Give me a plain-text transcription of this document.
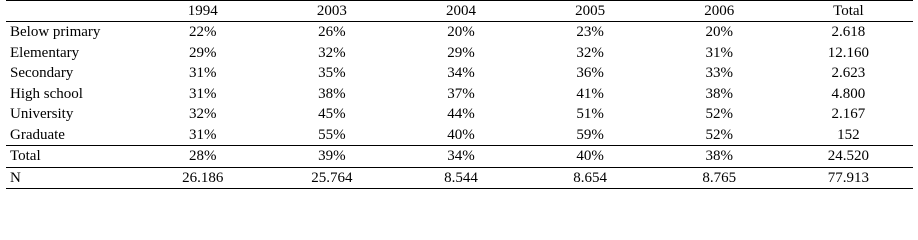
	1994	2003	2004	2005	2006	Total
Below primary	22%	26%	20%	23%	20%	2.618
Elementary	29%	32%	29%	32%	31%	12.160
Secondary	31%	35%	34%	36%	33%	2.623
High school	31%	38%	37%	41%	38%	4.800
University	32%	45%	44%	51%	52%	2.167
Graduate	31%	55%	40%	59%	52%	152
Total	28%	39%	34%	40%	38%	24.520
N	26.186	25.764	8.544	8.654	8.765	77.913
